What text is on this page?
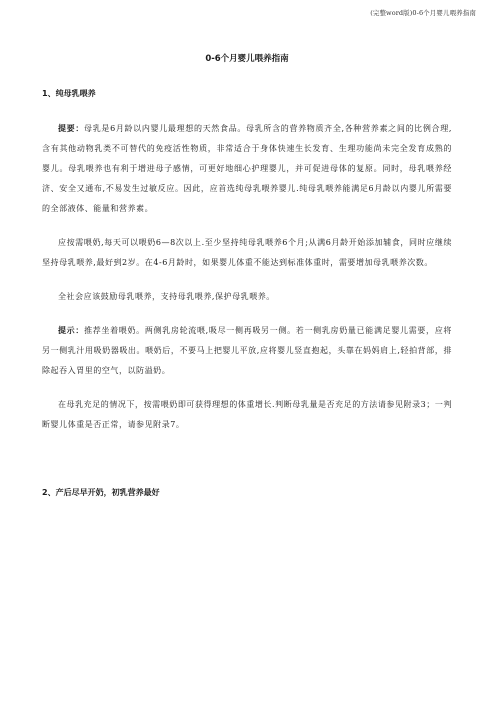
(完整word版)0-6个月婴儿喂养指南
0-6个月婴儿喂养指南
1、纯母乳喂养

提要：母乳是6月龄以内婴儿最理想的天然食品。母乳所含的营养物质齐全,各种营养素之间的比例合理,含有其他动物乳类不可替代的免疫活性物质，非常适合于身体快速生长发育、生理功能尚未完全发育成熟的婴儿。母乳喂养也有利于增进母子感情，可更好地细心护理婴儿，并可促进母体的复原。同时，母乳喂养经济、安全又通布,不易发生过敏反应。因此，应首选纯母乳喂养婴儿.纯母乳喂养能满足6月龄以内婴儿所需要的全部液体、能量和营养素。

应按需喂奶,每天可以喂奶6—8次以上.至少坚持纯母乳喂养6个月;从满6月龄开始添加辅食，同时应继续坚持母乳喂养,最好到2岁。在4-6月龄时，如果婴儿体重不能达到标准体重时，需要增加母乳喂养次数。

全社会应该鼓励母乳喂养，支持母乳喂养,保护母乳喂养。

提示：推荐坐着喂奶。两侧乳房轮流喂,吸尽一侧再吸另一侧。若一侧乳房奶量已能满足婴儿需要，应将另一侧乳汁用吸奶器吸出。喂奶后，不要马上把婴儿平放,应将婴儿竖直抱起，头靠在妈妈肩上,轻拍背部，排除起吞入胃里的空气，以防溢奶。

在母乳充足的情况下，按需喂奶即可获得理想的体重增长.判断母乳量是否充足的方法请参见附录3；一判断婴儿体重是否正常，请参见附录7。

2、产后尽早开奶，初乳营养最好
